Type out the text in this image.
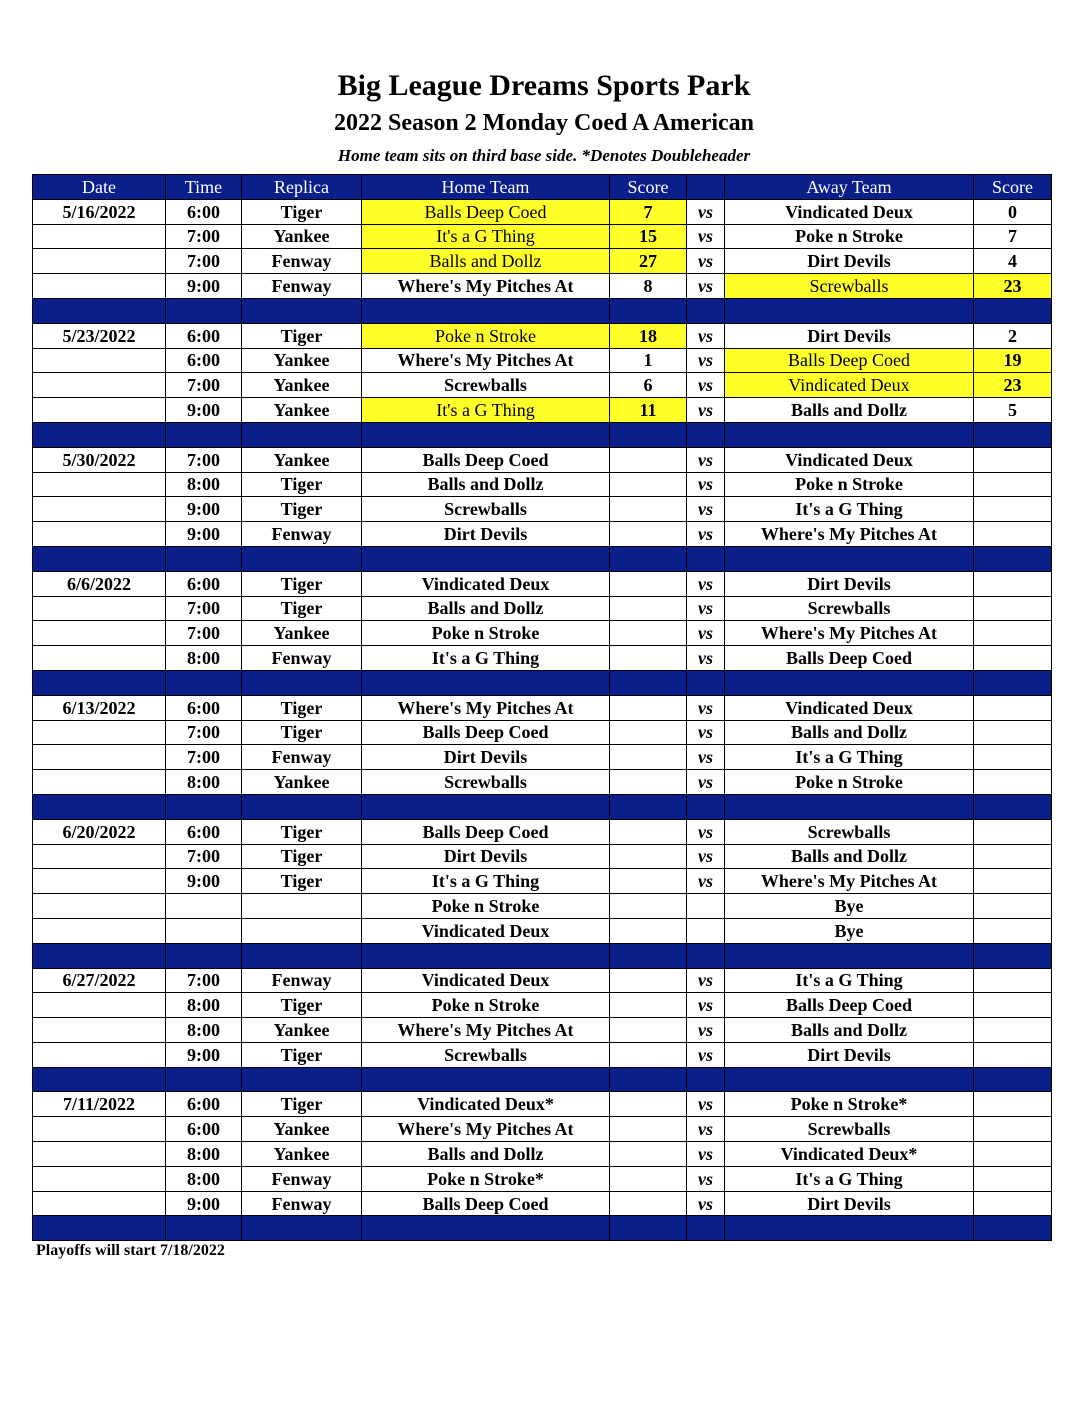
Big League Dreams Sports Park
2022 Season 2 Monday Coed A American
Home team sits on third base side. *Denotes Doubleheader
Date	Time	Replica	Home Team	Score		Away Team	Score
5/16/2022	6:00	Tiger	Balls Deep Coed	7	vs	Vindicated Deux	0
	7:00	Yankee	It's a G Thing	15	vs	Poke n Stroke	7
	7:00	Fenway	Balls and Dollz	27	vs	Dirt Devils	4
	9:00	Fenway	Where's My Pitches At	8	vs	Screwballs	23

5/23/2022	6:00	Tiger	Poke n Stroke	18	vs	Dirt Devils	2
	6:00	Yankee	Where's My Pitches At	1	vs	Balls Deep Coed	19
	7:00	Yankee	Screwballs	6	vs	Vindicated Deux	23
	9:00	Yankee	It's a G Thing	11	vs	Balls and Dollz	5

5/30/2022	7:00	Yankee	Balls Deep Coed		vs	Vindicated Deux	
	8:00	Tiger	Balls and Dollz		vs	Poke n Stroke	
	9:00	Tiger	Screwballs		vs	It's a G Thing	
	9:00	Fenway	Dirt Devils		vs	Where's My Pitches At	

6/6/2022	6:00	Tiger	Vindicated Deux		vs	Dirt Devils	
	7:00	Tiger	Balls and Dollz		vs	Screwballs	
	7:00	Yankee	Poke n Stroke		vs	Where's My Pitches At	
	8:00	Fenway	It's a G Thing		vs	Balls Deep Coed	

6/13/2022	6:00	Tiger	Where's My Pitches At		vs	Vindicated Deux	
	7:00	Tiger	Balls Deep Coed		vs	Balls and Dollz	
	7:00	Fenway	Dirt Devils		vs	It's a G Thing	
	8:00	Yankee	Screwballs		vs	Poke n Stroke	

6/20/2022	6:00	Tiger	Balls Deep Coed		vs	Screwballs	
	7:00	Tiger	Dirt Devils		vs	Balls and Dollz	
	9:00	Tiger	It's a G Thing		vs	Where's My Pitches At	
			Poke n Stroke			Bye	
			Vindicated Deux			Bye	

6/27/2022	7:00	Fenway	Vindicated Deux		vs	It's a G Thing	
	8:00	Tiger	Poke n Stroke		vs	Balls Deep Coed	
	8:00	Yankee	Where's My Pitches At		vs	Balls and Dollz	
	9:00	Tiger	Screwballs		vs	Dirt Devils	

7/11/2022	6:00	Tiger	Vindicated Deux*		vs	Poke n Stroke*	
	6:00	Yankee	Where's My Pitches At		vs	Screwballs	
	8:00	Yankee	Balls and Dollz		vs	Vindicated Deux*	
	8:00	Fenway	Poke n Stroke*		vs	It's a G Thing	
	9:00	Fenway	Balls Deep Coed		vs	Dirt Devils	

Playoffs will start 7/18/2022
